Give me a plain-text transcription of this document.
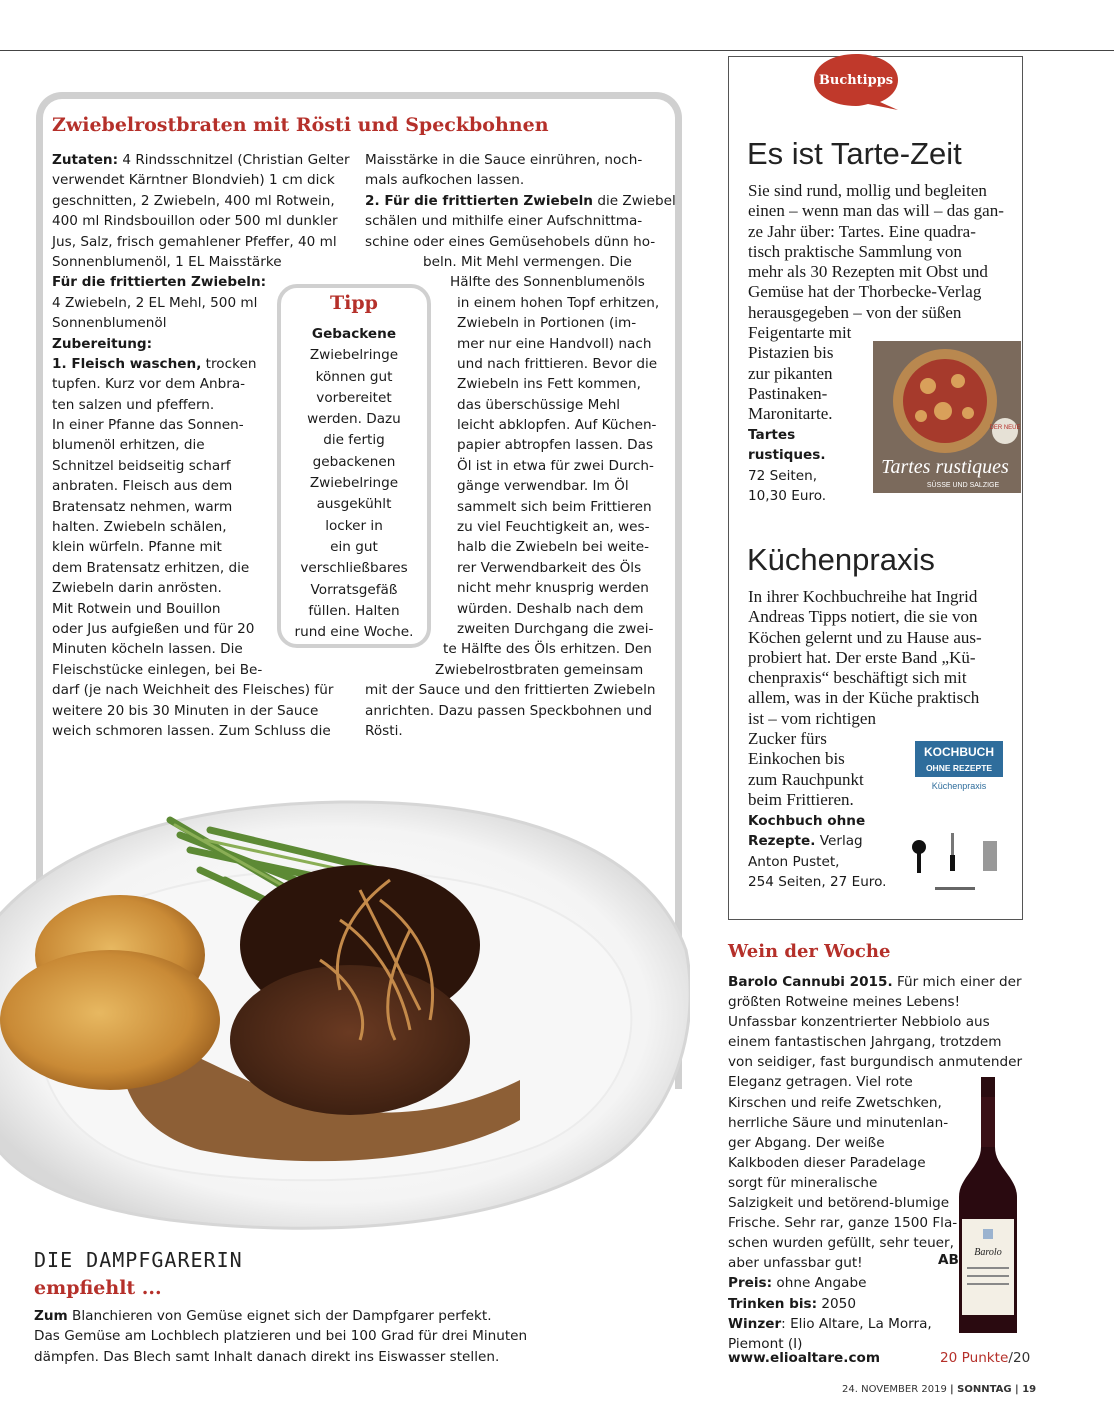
Zwiebelrostbraten mit Rösti und Speckbohnen
Zutaten: 4 Rindsschnitzel (Christian Gelter
verwendet Kärntner Blondvieh) 1 cm dick
geschnitten, 2 Zwiebeln, 400 ml Rotwein,
400 ml Rindsbouillon oder 500 ml dunkler
Jus, Salz, frisch gemahlener Pfeffer, 40 ml
Sonnenblumenöl, 1 EL Maisstärke
Für die frittierten Zwiebeln:
4 Zwiebeln, 2 EL Mehl, 500 ml
Sonnenblumenöl
Zubereitung:
1. Fleisch waschen, trocken
tupfen. Kurz vor dem Anbra-
ten salzen und pfeffern.
In einer Pfanne das Sonnen-
blumenöl erhitzen, die
Schnitzel beidseitig scharf
anbraten. Fleisch aus dem
Bratensatz nehmen, warm
halten. Zwiebeln schälen,
klein würfeln. Pfanne mit
dem Bratensatz erhitzen, die
Zwiebeln darin anrösten.
Mit Rotwein und Bouillon
oder Jus aufgießen und für 20
Minuten köcheln lassen. Die
Fleischstücke einlegen, bei Be-
darf (je nach Weichheit des Fleisches) für
weitere 20 bis 30 Minuten in der Sauce
weich schmoren lassen. Zum Schluss die
Maisstärke in die Sauce einrühren, noch-
mals aufkochen lassen.
2. Für die frittierten Zwiebeln die Zwiebel
schälen und mithilfe einer Aufschnittma-
schine oder eines Gemüsehobels dünn ho-
beln. Mit Mehl vermengen. Die
Hälfte des Sonnenblumenöls
in einem hohen Topf erhitzen,
Zwiebeln in Portionen (im-
mer nur eine Handvoll) nach
und nach frittieren. Bevor die
Zwiebeln ins Fett kommen,
das überschüssige Mehl
leicht abklopfen. Auf Küchen-
papier abtropfen lassen. Das
Öl ist in etwa für zwei Durch-
gänge verwendbar. Im Öl
sammelt sich beim Frittieren
zu viel Feuchtigkeit an, wes-
halb die Zwiebeln bei weite-
rer Verwendbarkeit des Öls
nicht mehr knusprig werden
würden. Deshalb nach dem
zweiten Durchgang die zwei-
te Hälfte des Öls erhitzen. Den
Zwiebelrostbraten gemeinsam
mit der Sauce und den frittierten Zwiebeln
anrichten. Dazu passen Speckbohnen und
Rösti.
Tipp
Gebackene
Zwiebelringe
können gut
vorbereitet
werden. Dazu
die fertig
gebackenen
Zwiebelringe
ausgekühlt
locker in
ein gut
verschließbares
Vorratsgefäß
füllen. Halten
rund eine Woche.
DIE DAMPFGARERIN
empfiehlt ...
Zum Blanchieren von Gemüse eignet sich der Dampfgarer perfekt.
Das Gemüse am Lochblech platzieren und bei 100 Grad für drei Minuten
dämpfen. Das Blech samt Inhalt danach direkt ins Eiswasser stellen.
Buchtipps
Es ist Tarte-Zeit
Sie sind rund, mollig und begleiten
einen – wenn man das will – das gan-
ze Jahr über: Tartes. Eine quadra-
tisch praktische Sammlung von
mehr als 30 Rezepten mit Obst und
Gemüse hat der Thorbecke-Verlag
herausgegeben – von der süßen
Feigentarte mit
Pistazien bis
zur pikanten
Pastinaken-
Maronitarte.
Tartes
rustiques.
72 Seiten,
10,30 Euro.
DER NEUE
Tartes rustiques
SÜSSE UND SALZIGE
Küchenpraxis
In ihrer Kochbuchreihe hat Ingrid
Andreas Tipps notiert, die sie von
Köchen gelernt und zu Hause aus-
probiert hat. Der erste Band „Kü-
chenpraxis“ beschäftigt sich mit
allem, was in der Küche praktisch
ist – vom richtigen
Zucker fürs
Einkochen bis
zum Rauchpunkt
beim Frittieren.
Kochbuch ohne
Rezepte. Verlag
Anton Pustet,
254 Seiten, 27 Euro.
KOCHBUCH
OHNE REZEPTE
Küchenpraxis
Wein der Woche
Barolo Cannubi 2015. Für mich einer der
größten Rotweine meines Lebens!
Unfassbar konzentrierter Nebbiolo aus
einem fantastischen Jahrgang, trotzdem
von seidiger, fast burgundisch anmutender
Eleganz getragen. Viel rote
Kirschen und reife Zwetschken,
herrliche Säure und minutenlan-
ger Abgang. Der weiße
Kalkboden dieser Paradelage
sorgt für mineralische
Salzigkeit und betörend-blumige
Frische. Sehr rar, ganze 1500 Fla-
schen wurden gefüllt, sehr teuer,
aber unfassbar gut!
Preis: ohne Angabe
Trinken bis: 2050
Winzer: Elio Altare, La Morra,
Piemont (I)
AB Barolo
www.elioaltare.com	20 Punkte/20
24. NOVEMBER 2019 | SONNTAG | 19
